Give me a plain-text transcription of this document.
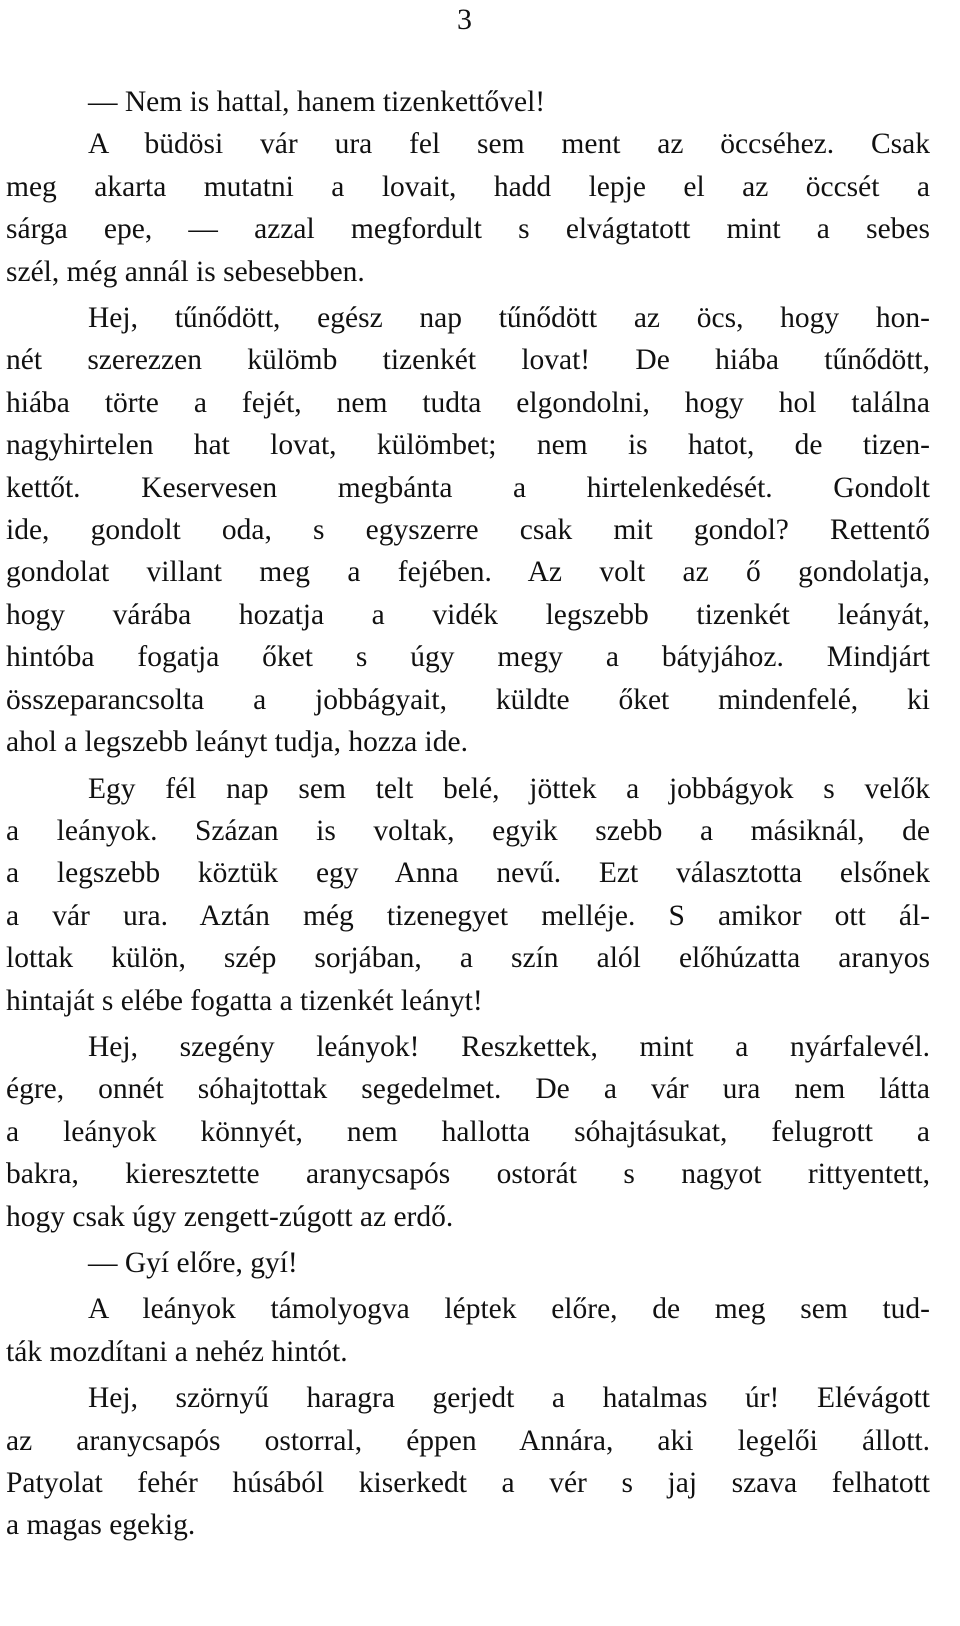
3
— Nem is hattal, hanem tizenkettővel!
A büdösi vár ura fel sem ment az öccséhez. Csak
meg akarta mutatni a lovait, hadd lepje el az öccsét a
sárga epe, — azzal megfordult s elvágtatott mint a sebes
szél, még annál is sebesebben.
Hej, tűnődött, egész nap tűnődött az öcs, hogy hon-
nét szerezzen külömb tizenkét lovat! De hiába tűnődött,
hiába törte a fejét, nem tudta elgondolni, hogy hol találna
nagyhirtelen hat lovat, külömbet; nem is hatot, de tizen-
kettőt. Keservesen megbánta a hirtelenkedését. Gondolt
ide, gondolt oda, s egyszerre csak mit gondol? Rettentő
gondolat villant meg a fejében. Az volt az ő gondolatja,
hogy várába hozatja a vidék legszebb tizenkét leányát,
hintóba fogatja őket s úgy megy a bátyjához. Mindjárt
összeparancsolta a jobbágyait, küldte őket mindenfelé, ki
ahol a legszebb leányt tudja, hozza ide.
Egy fél nap sem telt belé, jöttek a jobbágyok s velők
a leányok. Százan is voltak, egyik szebb a másiknál, de
a legszebb köztük egy Anna nevű. Ezt választotta elsőnek
a vár ura. Aztán még tizenegyet melléje. S amikor ott ál-
lottak külön, szép sorjában, a szín alól előhúzatta aranyos
hintaját s elébe fogatta a tizenkét leányt!
Hej, szegény leányok! Reszkettek, mint a nyárfalevél.
égre, onnét sóhajtottak segedelmet. De a vár ura nem látta
a leányok könnyét, nem hallotta sóhajtásukat, felugrott a
bakra, kieresztette aranycsapós ostorát s nagyot rittyentett,
hogy csak úgy zengett-zúgott az erdő.
— Gyí előre, gyí!
A leányok támolyogva léptek előre, de meg sem tud-
ták mozdítani a nehéz hintót.
Hej, szörnyű haragra gerjedt a hatalmas úr! Elévágott
az aranycsapós ostorral, éppen Annára, aki legelői állott.
Patyolat fehér húsából kiserkedt a vér s jaj szava felhatott
a magas egekig.
